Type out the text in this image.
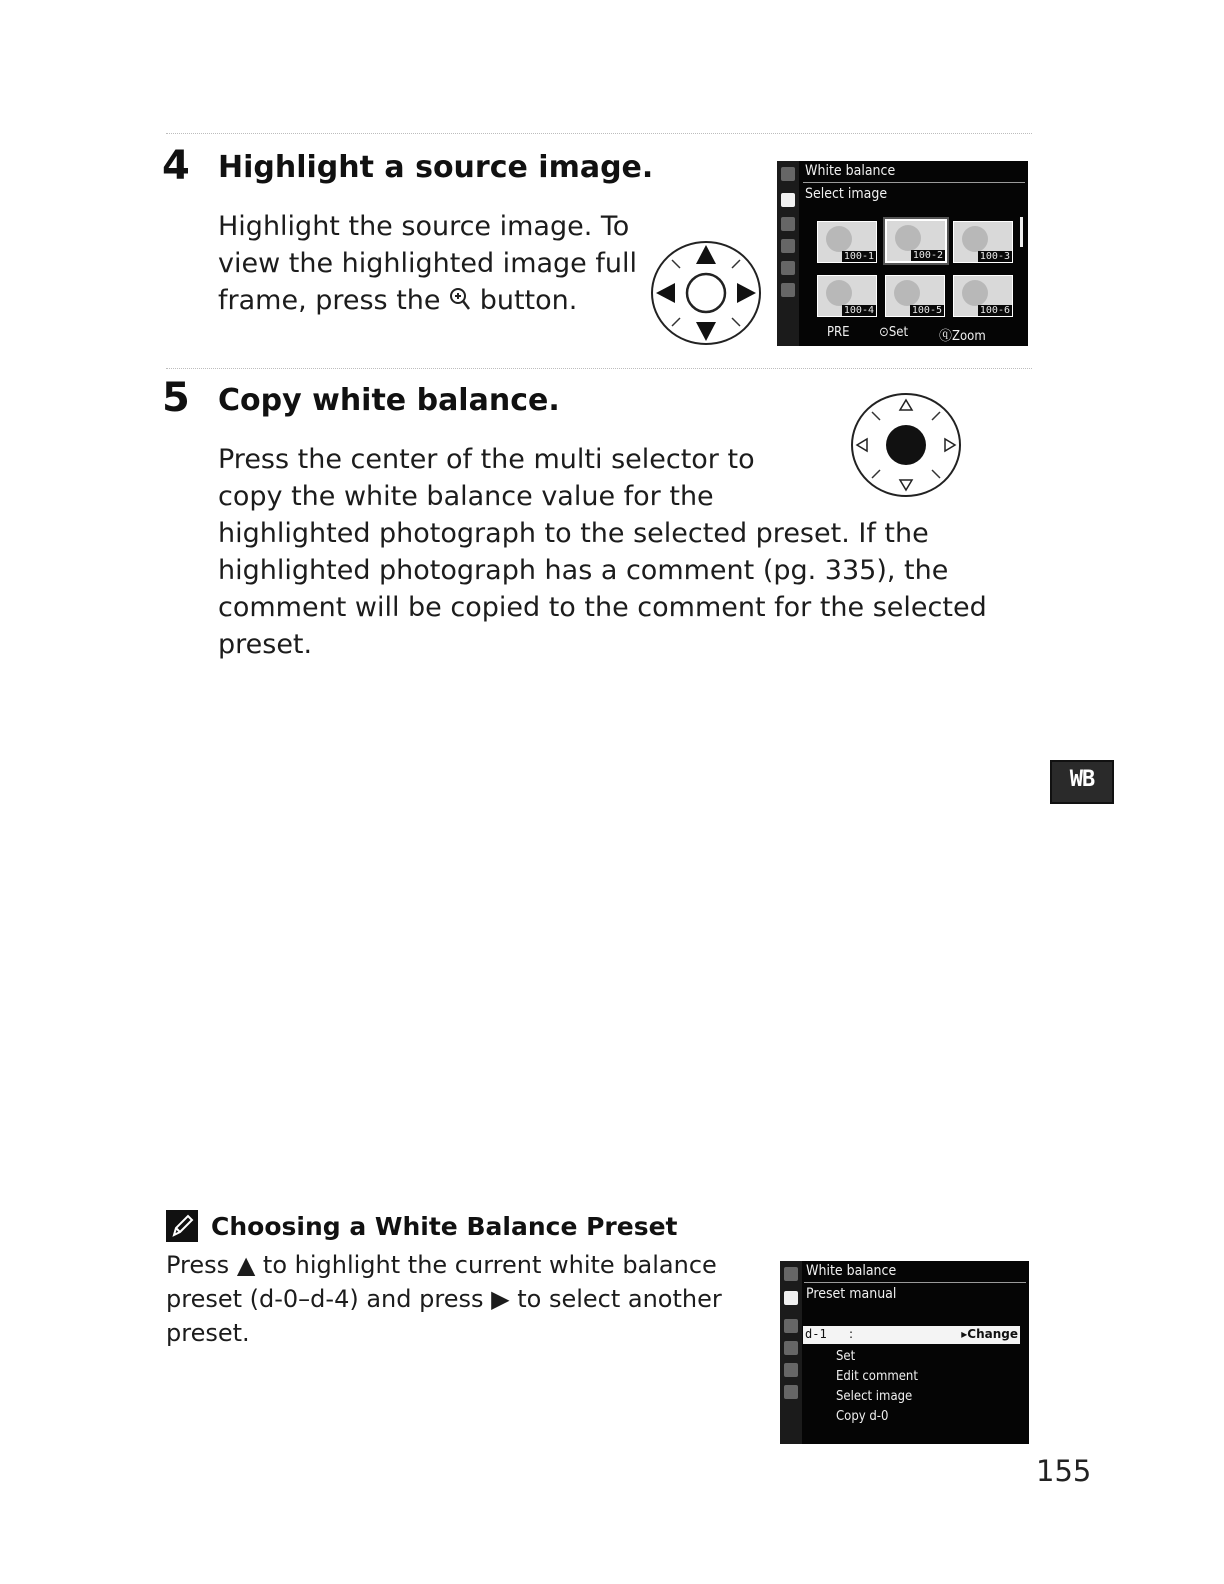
4 Highlight a source image.
Highlight the source image. To
view the highlighted image full
frame, press the button.
White balance
Select image
100-1	100-2	100-3
100-4	100-5	100-6
PRE ⊙Set ⓠZoom
5 Copy white balance.
Press the center of the multi selector to
copy the white balance value for the
highlighted photograph to the selected preset. If the
highlighted photograph has a comment (pg. 335), the
comment will be copied to the comment for the selected
preset.
WB
Choosing a White Balance Preset
Press ▲ to highlight the current white balance
preset (d-0–d-4) and press ▶ to select another
preset.
White balance
Preset manual
d-1 :	▸Change
Set
Edit comment
Select image
Copy d-0
155
